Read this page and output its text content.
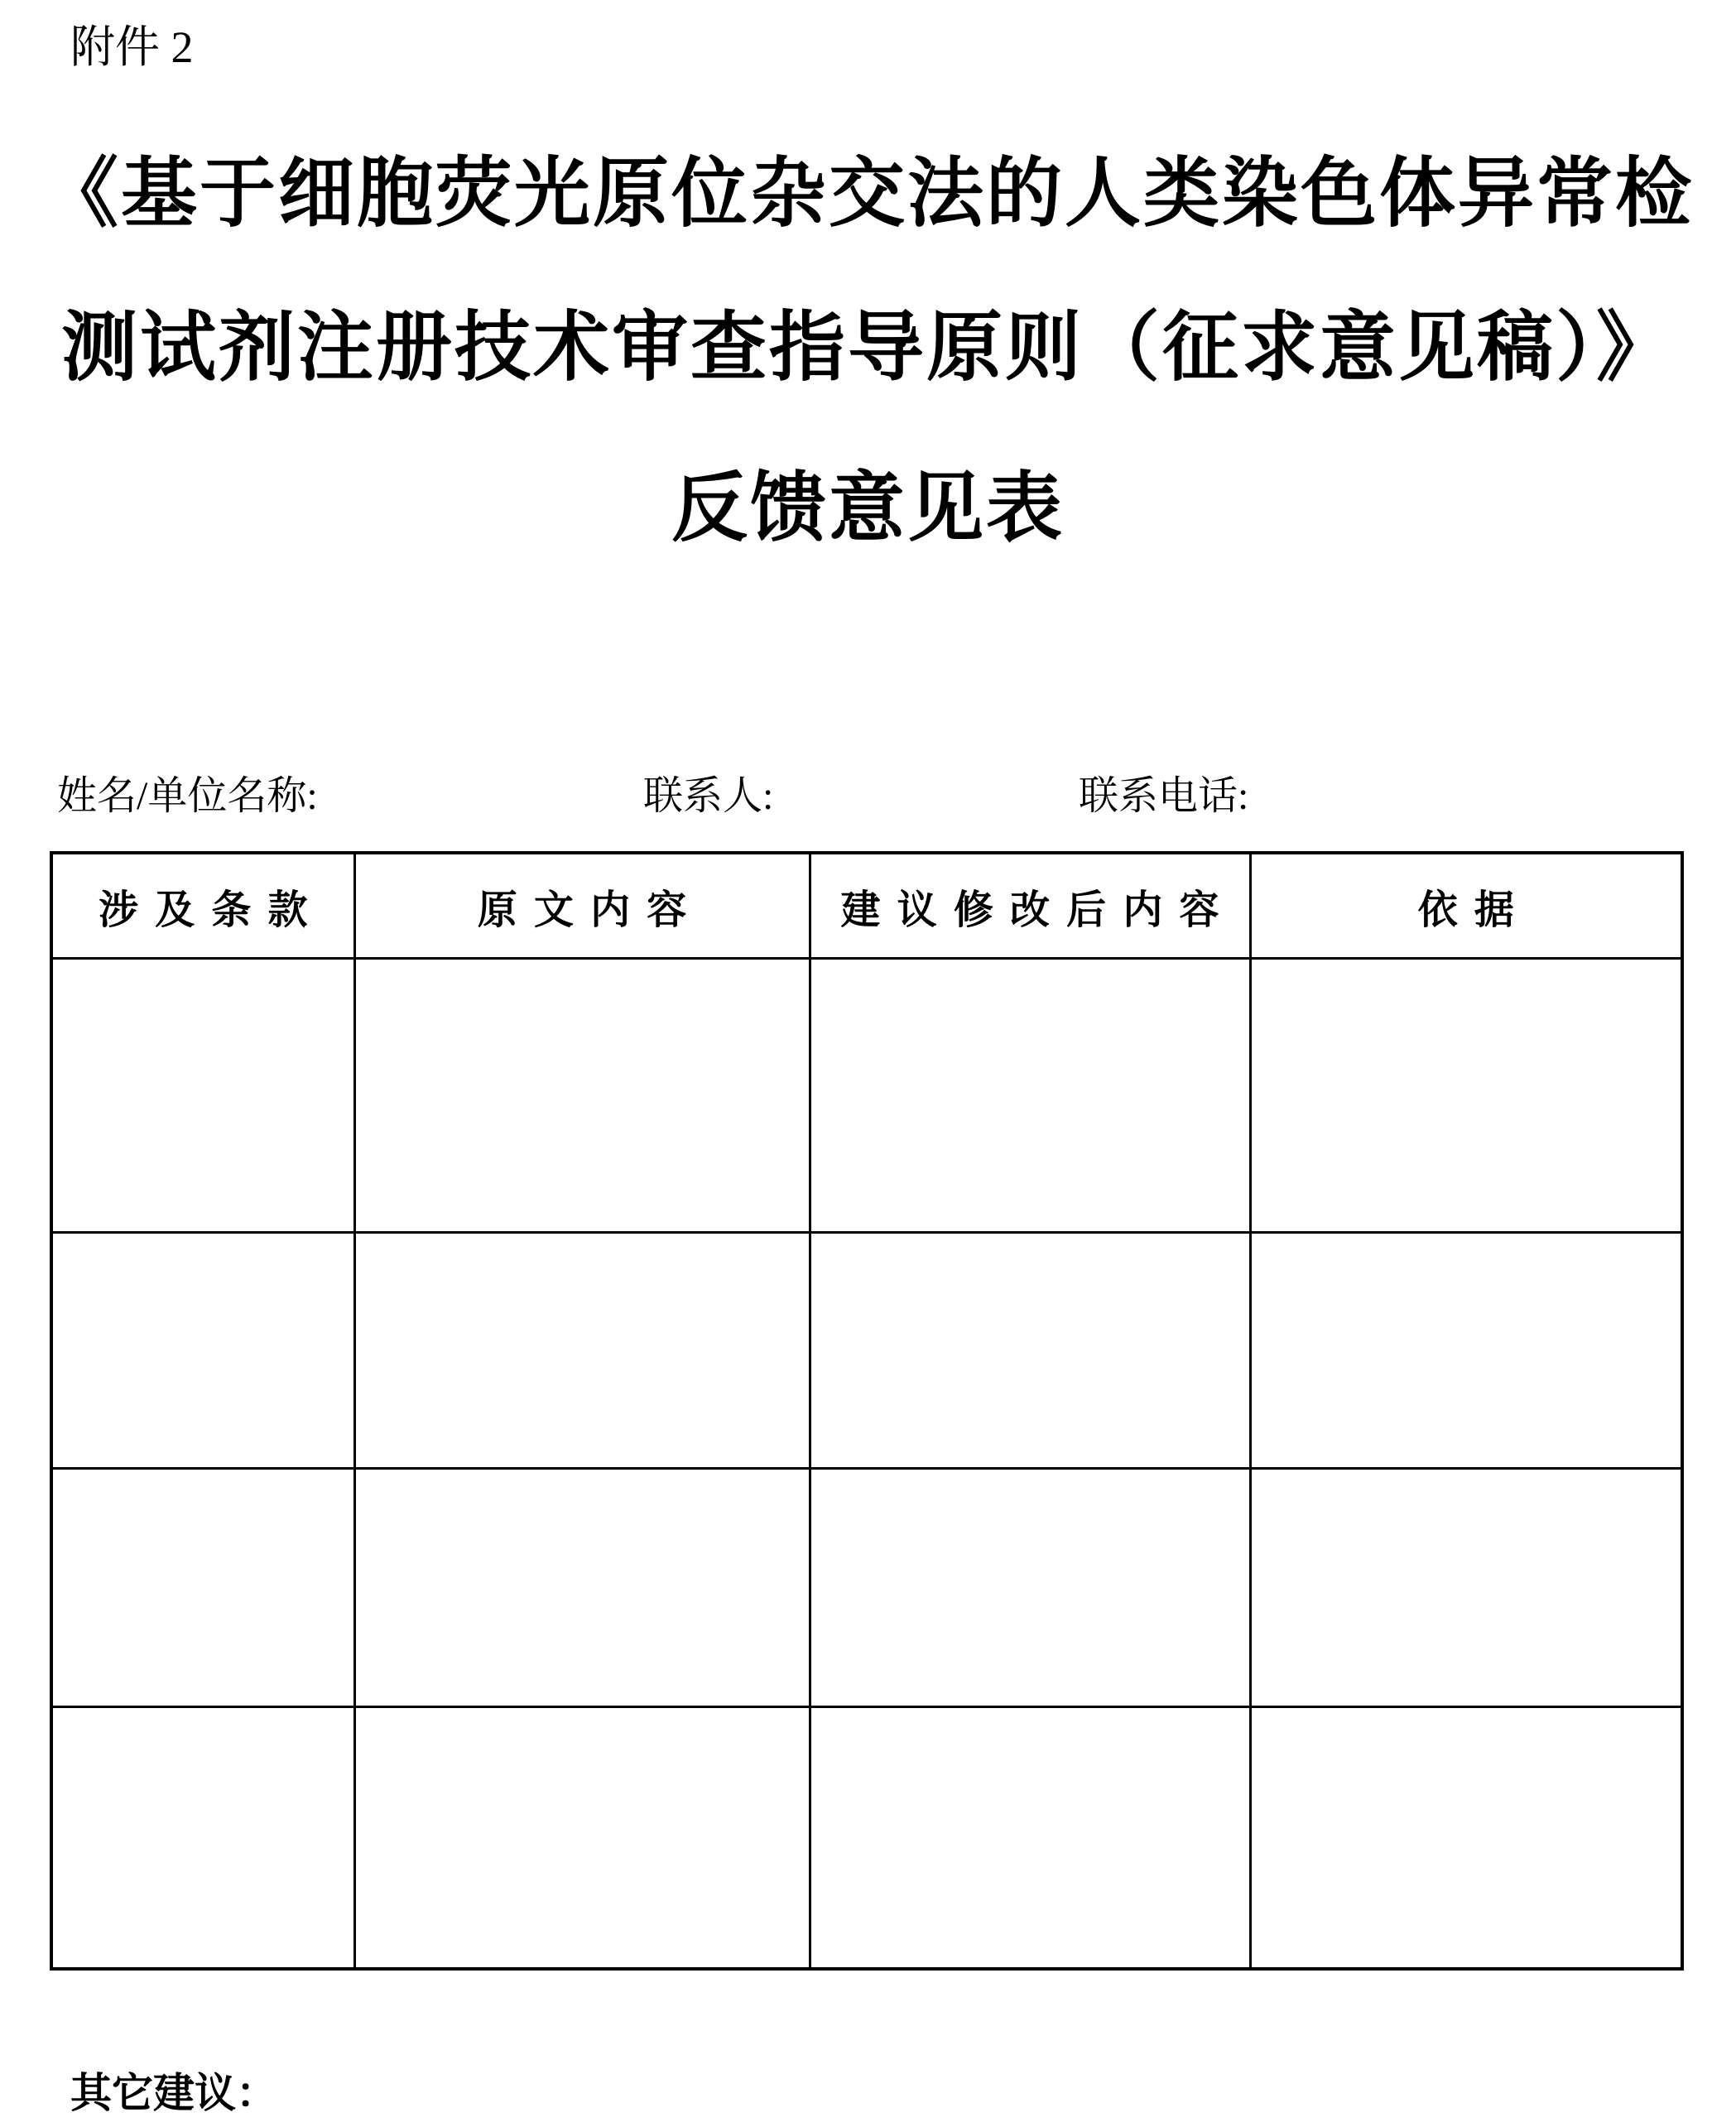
附件 2
《基于细胞荧光原位杂交法的人类染色体异常检
测试剂注册技术审查指导原则（征求意见稿）》
反馈意见表
姓名/单位名称:	联系人:	联系电话:
涉及条款	原文内容	建议修改后内容	依据

其它建议：
